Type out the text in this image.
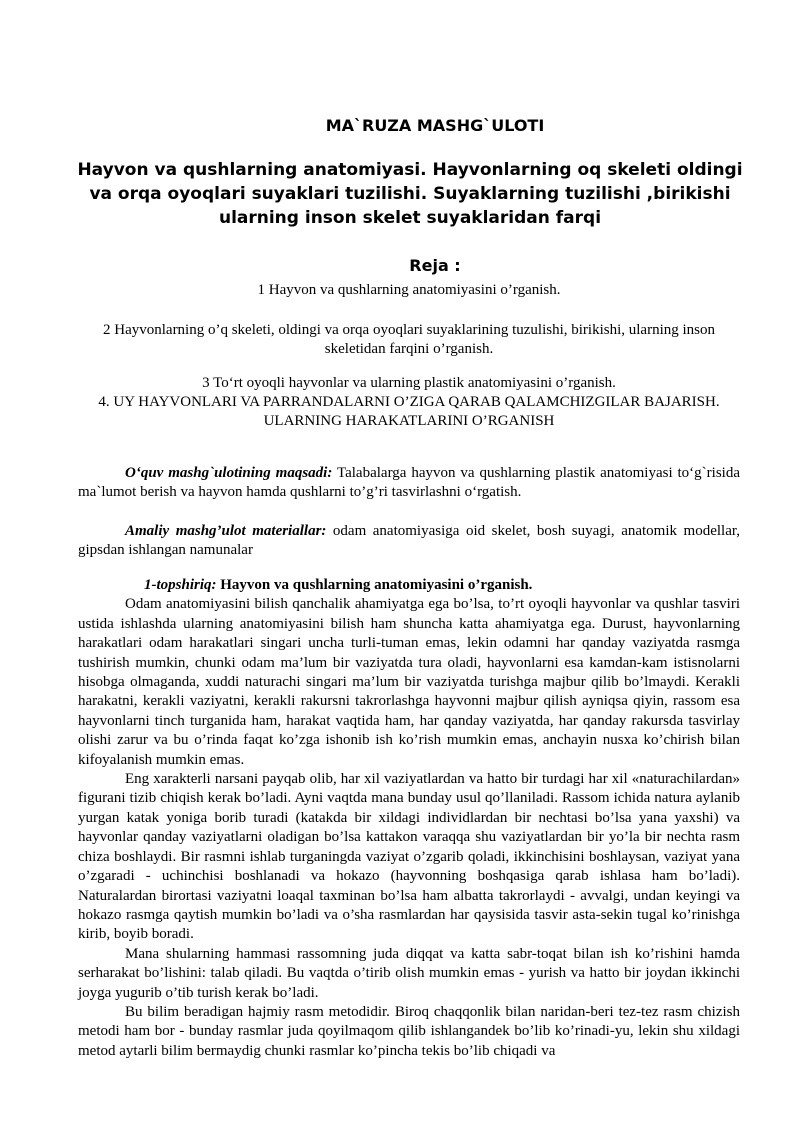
MA`RUZA MASHG`ULOTI
Hayvon va qushlarning anatomiyasi. Hayvonlarning oq skeleti oldingi va orqa oyoqlari suyaklari tuzilishi. Suyaklarning tuzilishi ,birikishi ularning inson skelet suyaklaridan farqi
Reja :
1 Hayvon va qushlarning anatomiyasini o’rganish.
2 Hayvonlarning o’q skeleti, oldingi va orqa oyoqlari suyaklarining tuzulishi, birikishi, ularning inson skeletidan farqini o’rganish.
3 To‘rt oyoqli hayvonlar va ularning plastik anatomiyasini o’rganish.
4. UY HAYVONLARI VA PARRANDALARNI O’ZIGA QARAB QALAMCHIZGILAR BAJARISH. ULARNING HARAKATLARINI O’RGANISH

O‘quv mashg`ulotining maqsadi: Talabalarga hayvon va qushlarning plastik anatomiyasi to‘g`risida ma`lumot berish va hayvon hamda qushlarni to’g’ri tasvirlashni o‘rgatish.

Amaliy mashg’ulot materiallar: odam anatomiyasiga oid skelet, bosh suyagi, anatomik modellar, gipsdan ishlangan namunalar

1-topshiriq: Hayvon va qushlarning anatomiyasini o’rganish.

Odam anatomiyasini bilish qanchalik ahamiyatga ega bo’lsa, to’rt oyoqli hayvonlar va qushlar tasviri ustida ishlashda ularning anatomiyasini bilish ham shuncha katta ahamiyatga ega. Durust, hayvonlarning harakatlari odam harakatlari singari uncha turli-tuman emas, lekin odamni har qanday vaziyatda rasmga tushirish mumkin, chunki odam ma’lum bir vaziyatda tura oladi, hayvonlarni esa kamdan-kam istisnolarni hisobga olmaganda, xuddi naturachi singari ma’lum bir vaziyatda turishga majbur qilib bo’lmaydi. Kerakli harakatni, kerakli vaziyatni, kerakli rakursni takrorlashga hayvonni majbur qilish ayniqsa qiyin, rassom esa hayvonlarni tinch turganida ham, harakat vaqtida ham, har qanday vaziyatda, har qanday rakursda tasvirlay olishi zarur va bu o’rinda faqat ko’zga ishonib ish ko’rish mumkin emas, anchayin nusxa ko’chirish bilan kifoyalanish mumkin emas.

Eng xarakterli narsani payqab olib, har xil vaziyatlardan va hatto bir turdagi har xil «naturachilardan» figurani tizib chiqish kerak bo’ladi. Ayni vaqtda mana bunday usul qo’llaniladi. Rassom ichida natura aylanib yurgan katak yoniga borib turadi (katakda bir xildagi individlardan bir nechtasi bo’lsa yana yaxshi) va hayvonlar qanday vaziyatlarni oladigan bo’lsa kattakon varaqqa shu vaziyatlardan bir yo’la bir nechta rasm chiza boshlaydi. Bir rasmni ishlab turganingda vaziyat o’zgarib qoladi, ikkinchisini boshlaysan, vaziyat yana o’zgaradi - uchinchisi boshlanadi va hokazo (hayvonning boshqasiga qarab ishlasa ham bo’ladi). Naturalardan birortasi vaziyatni loaqal taxminan bo’lsa ham albatta takrorlaydi - avvalgi, undan keyingi va hokazo rasmga qaytish mumkin bo’ladi va o’sha rasmlardan har qaysisida tasvir asta-sekin tugal ko’rinishga kirib, boyib boradi.

Mana shularning hammasi rassomning juda diqqat va katta sabr-toqat bilan ish ko’rishini hamda serharakat bo’lishini: talab qiladi. Bu vaqtda o’tirib olish mumkin emas - yurish va hatto bir joydan ikkinchi joyga yugurib o’tib turish kerak bo’ladi.

Bu bilim beradigan hajmiy rasm metodidir. Biroq chaqqonlik bilan naridan-beri tez-tez rasm chizish metodi ham bor - bunday rasmlar juda qoyilmaqom qilib ishlangandek bo’lib ko’rinadi-yu, lekin shu xildagi metod aytarli bilim bermaydig chunki rasmlar ko’pincha tekis bo’lib chiqadi va
